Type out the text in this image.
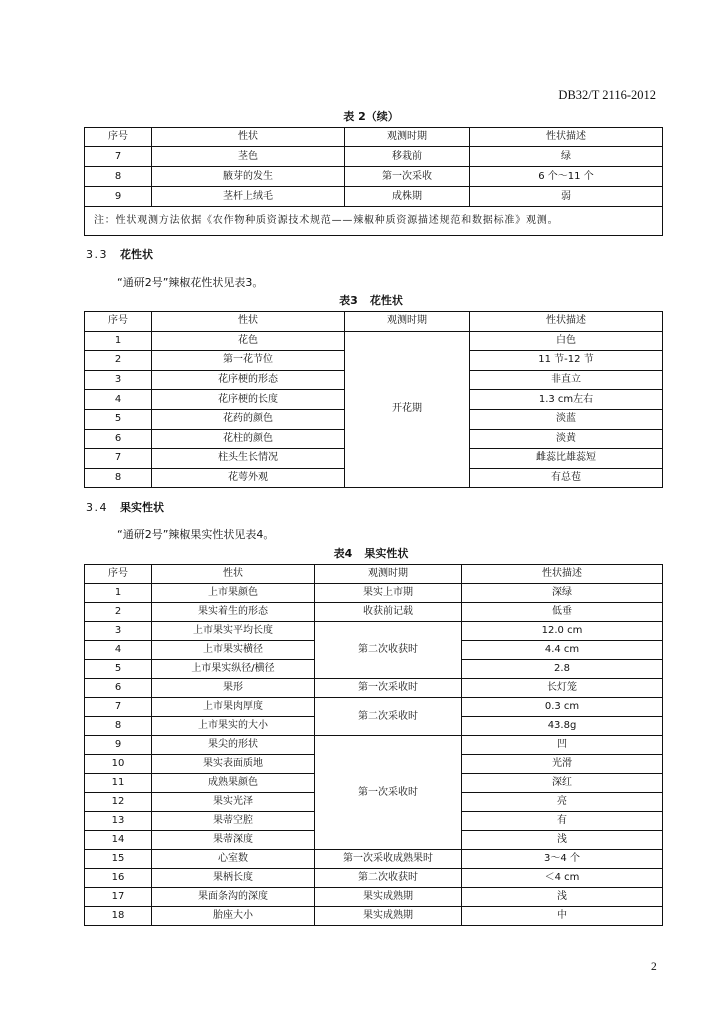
DB32/T 2116-2012
表 2（续）
序号	性状	观测时期	性状描述
7	茎色	移栽前	绿
8	腋芽的发生	第一次采收	6 个～11 个
9	茎杆上绒毛	成株期	弱
注：性状观测方法依据《农作物种质资源技术规范——辣椒种质资源描述规范和数据标准》观测。			
3.3 花性状
“通研2号”辣椒花性状见表3。
表3 花性状
序号	性状	观测时期	性状描述
1	花色	开花期	白色
2	第一花节位		11 节-12 节
3	花序梗的形态		非直立
4	花序梗的长度		1.3 cm左右
5	花药的颜色		淡蓝
6	花柱的颜色		淡黄
7	柱头生长情况		雌蕊比雄蕊短
8	花萼外观		有总苞
3.4 果实性状
“通研2号”辣椒果实性状见表4。
表4 果实性状
序号	性状	观测时期	性状描述
1	上市果颜色	果实上市期	深绿
2	果实着生的形态	收获前记载	低垂
3	上市果实平均长度	第二次收获时	12.0 cm
4	上市果实横径		4.4 cm
5	上市果实纵径/横径		2.8
6	果形	第一次采收时	长灯笼
7	上市果肉厚度	第二次采收时	0.3 cm
8	上市果实的大小		43.8g
9	果尖的形状	第一次采收时	凹
10	果实表面质地		光滑
11	成熟果颜色		深红
12	果实光泽		亮
13	果蒂空腔		有
14	果蒂深度		浅
15	心室数	第一次采收成熟果时	3～4 个
16	果柄长度	第二次收获时	＜4 cm
17	果面条沟的深度	果实成熟期	浅
18	胎座大小	果实成熟期	中
2
